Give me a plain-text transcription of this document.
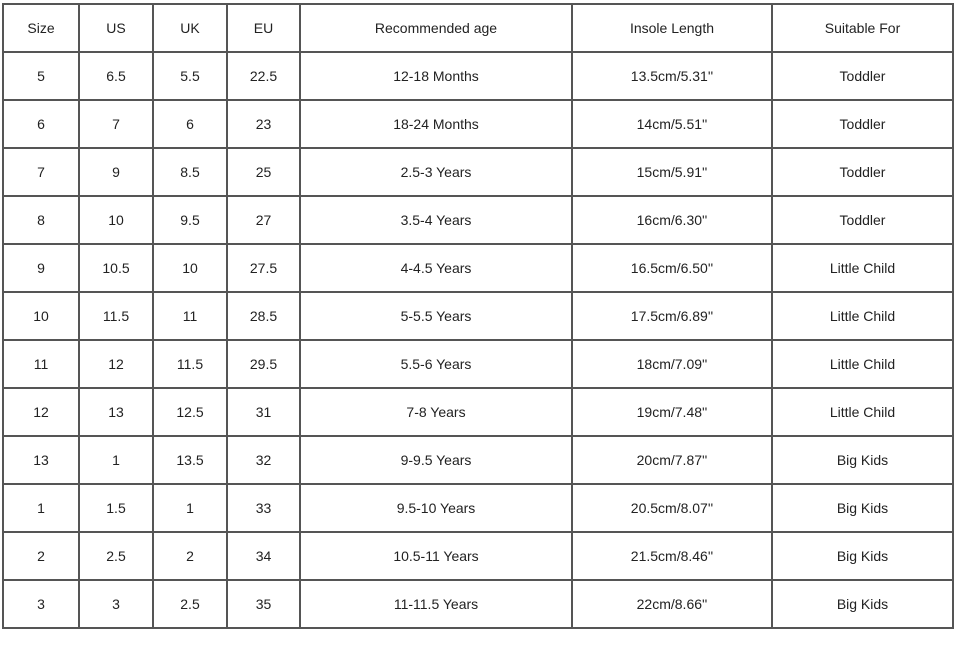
Size	US	UK	EU	Recommended age	Insole Length	Suitable For
5	6.5	5.5	22.5	12-18 Months	13.5cm/5.31''	Toddler
6	7	6	23	18-24 Months	14cm/5.51''	Toddler
7	9	8.5	25	2.5-3 Years	15cm/5.91''	Toddler
8	10	9.5	27	3.5-4 Years	16cm/6.30''	Toddler
9	10.5	10	27.5	4-4.5 Years	16.5cm/6.50''	Little Child
10	11.5	11	28.5	5-5.5 Years	17.5cm/6.89''	Little Child
11	12	11.5	29.5	5.5-6 Years	18cm/7.09''	Little Child
12	13	12.5	31	7-8 Years	19cm/7.48''	Little Child
13	1	13.5	32	9-9.5 Years	20cm/7.87''	Big Kids
1	1.5	1	33	9.5-10 Years	20.5cm/8.07''	Big Kids
2	2.5	2	34	10.5-11 Years	21.5cm/8.46''	Big Kids
3	3	2.5	35	11-11.5 Years	22cm/8.66''	Big Kids
